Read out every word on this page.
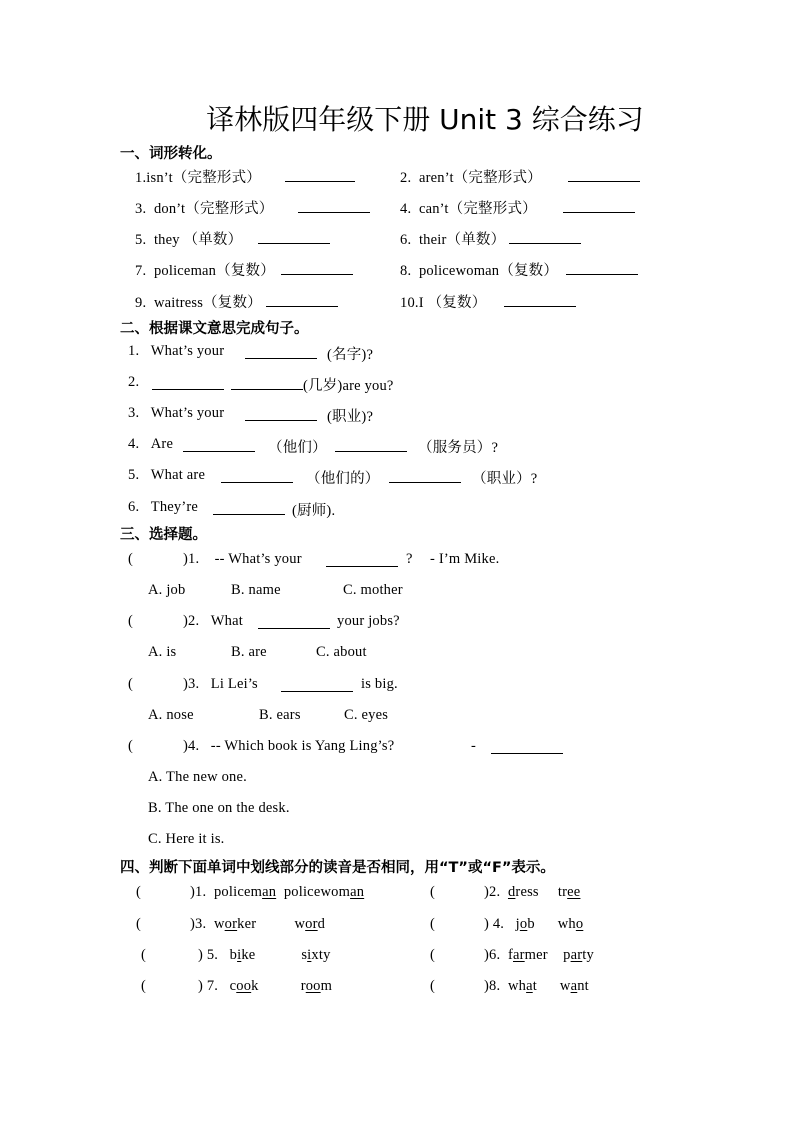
译林版四年级下册 Unit 3 综合练习
一、词形转化。
1.isn’t（完整形式）	2. aren’t（完整形式）
3. don’t（完整形式）	4. can’t（完整形式）
5. they （单数）	6. their（单数）
7. policeman（复数）	8. policewoman（复数）
9. waitress（复数）	10.I （复数）
二、根据课文意思完成句子。
1. What’s your	(名字)?
2.	(几岁)are you?
3. What’s your	(职业)?
4. Are	（他们）	（服务员）?
5. What are	（他们的）	（职业）?
6. They’re	(厨师).
三、选择题。
(	)1. -- What’s your	? - I’m Mike.
A. job	B. name	C. mother
(	)2. What	your jobs?
A. is	B. are	C. about
(	)3. Li Lei’s	is big.
A. nose	B. ears	C. eyes
(	)4. -- Which book is Yang Ling’s?	-
A. The new one.
B. The one on the desk.
C. Here it is.
四、判断下面单词中划线部分的读音是否相同，用“T”或“F”表示。
(	)1. policeman policewoman	(	)2. dress tree
(	)3. worker	word	(	) 4. job who
(	) 5. bike	sixty	(	)6. farmer party
(	) 7. cook	room	(	)8. what want
